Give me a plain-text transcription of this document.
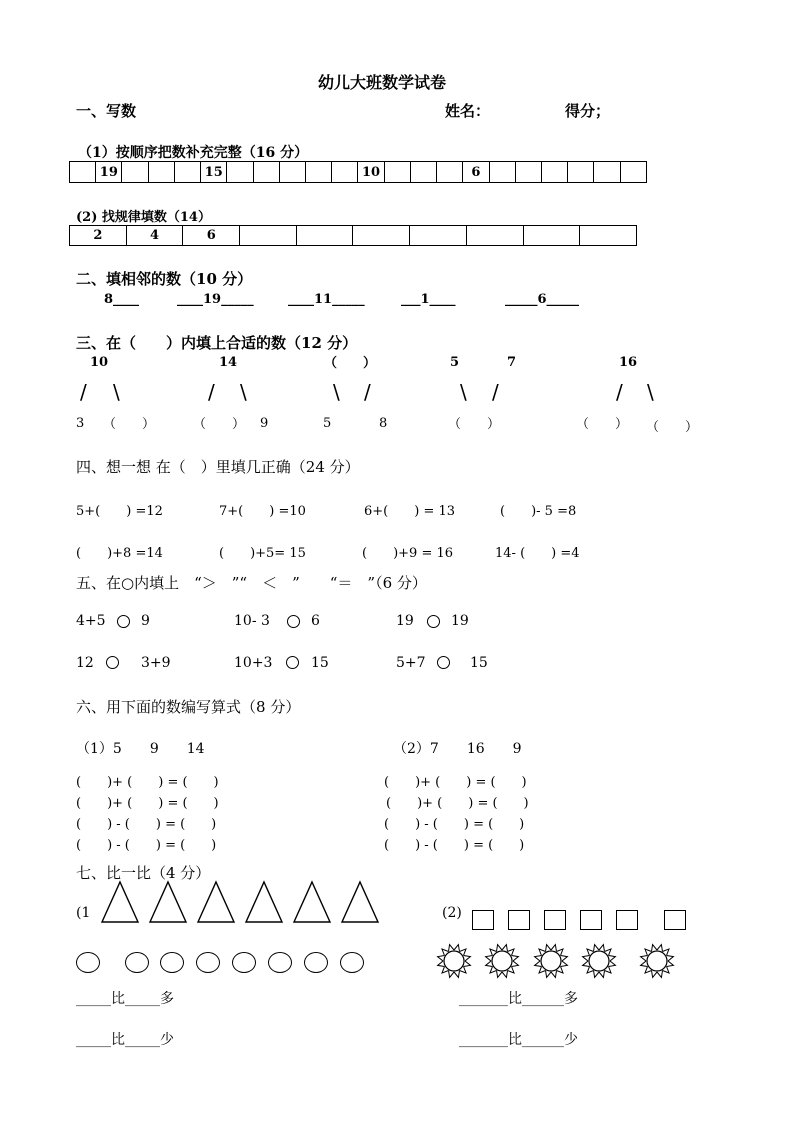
幼儿大班数学试卷
一、写数	姓名：	得分；
（1）按顺序把数补充完整（16 分）
	19				15						10				6						
(2) 找规律填数（14）
2	4	6							
二、填相邻的数（10 分）
8____	____19_____	____11_____	___1____	_____6_____
三、在（　　）内填上合适的数（12 分）
10	14	（　　）	5	7	16
/ \	/ \	\ /	\ /	/ \
3 （　　）	（　　） 9	5	8	（　　）	（　　） （　　）
四、想一想 在（　）里填几正确（24 分）
5+(　　) =12	7+(　　) =10	6+(　　) = 13	(　　)- 5 =8
(　　)+8 =14	(　　)+5= 15	(　　)+9 = 16	14- (　　) =4
五、在○内填上　“＞　”“　＜　”　　“＝　”（6 分）
4+5	9	10- 3	6	19	19
12	3+9	10+3	15	5+7	15
六、用下面的数编写算式（8 分）
（1）5　　9　　14	（2）7　　16　　9
(　　)+ (　　) = (　　)
(　　)+ (　　) = (　　)
(　　) - (　　) = (　　)
(　　) - (　　) = (　　)
(　　)+ (　　) = (　　)
(　　)+ (　　) = (　　)
(　　) - (　　) = (　　)
(　　) - (　　) = (　　)
七、比一比（4 分）
(1	(2)
_____比_____多
_____比_____少
_______比______多
_______比______少
